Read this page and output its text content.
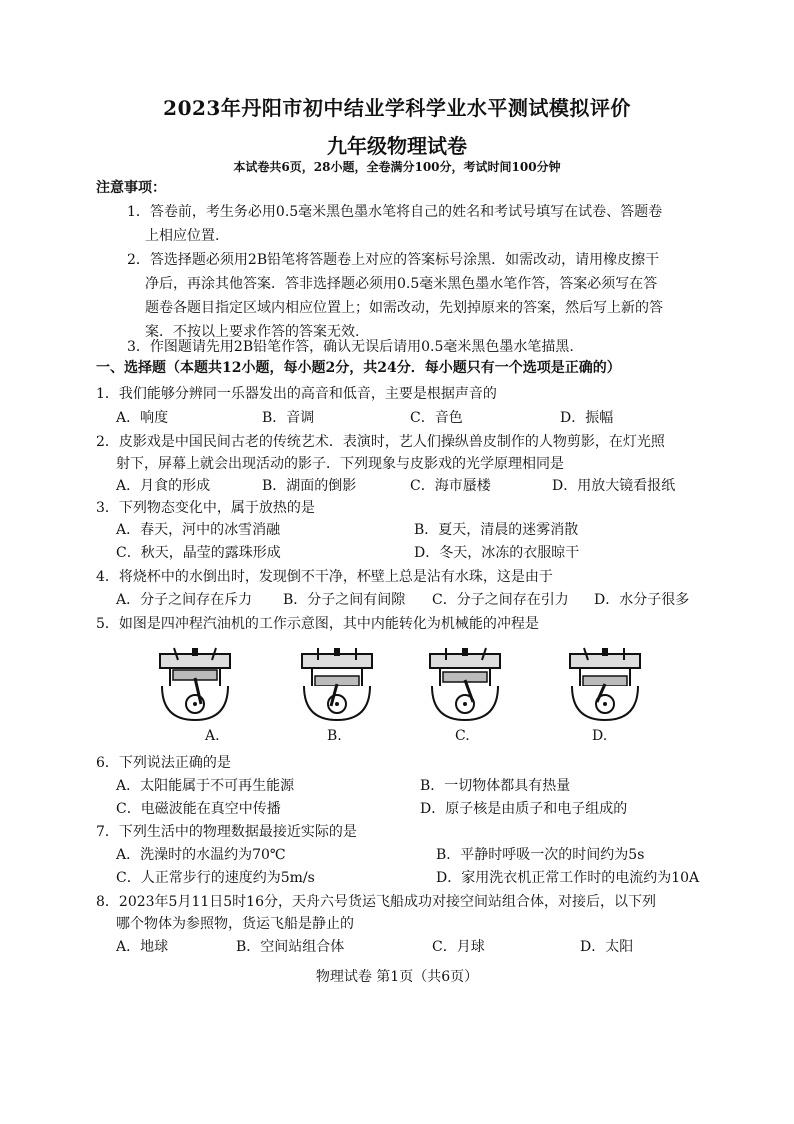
2023年丹阳市初中结业学科学业水平测试模拟评价
九年级物理试卷
本试卷共6页，28小题，全卷满分100分，考试时间100分钟
注意事项：
1．答卷前，考生务必用0.5毫米黑色墨水笔将自己的姓名和考试号填写在试卷、答题卷
上相应位置.
2．答选择题必须用2B铅笔将答题卷上对应的答案标号涂黑．如需改动，请用橡皮擦干
净后，再涂其他答案．答非选择题必须用0.5毫米黑色墨水笔作答，答案必须写在答
题卷各题目指定区域内相应位置上；如需改动，先划掉原来的答案，然后写上新的答
案．不按以上要求作答的答案无效.
3．作图题请先用2B铅笔作答，确认无误后请用0.5毫米黑色墨水笔描黑.
一、选择题（本题共12小题，每小题2分，共24分．每小题只有一个选项是正确的）
1．我们能够分辨同一乐器发出的高音和低音，主要是根据声音的
A．响度	B．音调	C．音色	D．振幅
2．皮影戏是中国民间古老的传统艺术．表演时，艺人们操纵兽皮制作的人物剪影，在灯光照
射下，屏幕上就会出现活动的影子．下列现象与皮影戏的光学原理相同是
A．月食的形成	B．湖面的倒影	C．海市蜃楼	D．用放大镜看报纸
3．下列物态变化中，属于放热的是
A．春天，河中的冰雪消融	B．夏天，清晨的迷雾消散
C．秋天，晶莹的露珠形成	D．冬天，冰冻的衣服晾干
4．将烧杯中的水倒出时，发现倒不干净，杯壁上总是沾有水珠，这是由于
A．分子之间存在斥力 B．分子之间有间隙 C．分子之间存在引力 D．水分子很多
5．如图是四冲程汽油机的工作示意图，其中内能转化为机械能的冲程是
A.	B.	C.	D.
6．下列说法正确的是
A．太阳能属于不可再生能源	B．一切物体都具有热量
C．电磁波能在真空中传播	D．原子核是由质子和电子组成的
7．下列生活中的物理数据最接近实际的是
A．洗澡时的水温约为70℃	B．平静时呼吸一次的时间约为5s
C．人正常步行的速度约为5m/s	D．家用洗衣机正常工作时的电流约为10A
8．2023年5月11日5时16分，天舟六号货运飞船成功对接空间站组合体，对接后，以下列
哪个物体为参照物，货运飞船是静止的
A．地球	B．空间站组合体	C．月球	D．太阳
物理试卷 第1页（共6页）
